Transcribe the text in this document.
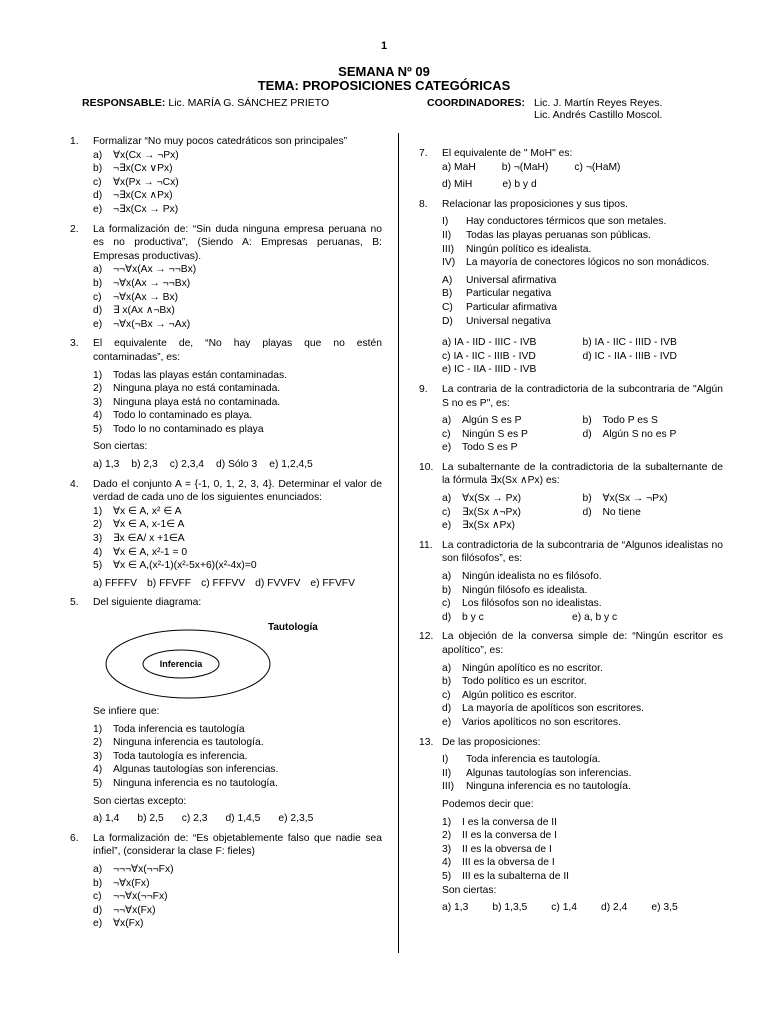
1
SEMANA Nº 09
TEMA: PROPOSICIONES CATEGÓRICAS
RESPONSABLE: Lic. MARÍA G. SÁNCHEZ PRIETO	COORDINADORES: Lic. J. Martín Reyes Reyes.
Lic. Andrés Castillo Moscol.
1.	Formalizar “No muy pocos catedráticos son principales”
a)	∀x(Cx → ¬Px)
b)	¬∃x(Cx ∨Px)
c)	∀x(Px → ¬Cx)
d)	¬∃x(Cx ∧Px)
e)	¬∃x(Cx → Px)
2.	La formalización de: “Sin duda ninguna empresa peruana no es no productiva”, (Siendo A: Empresas peruanas, B: Empresas productivas).
a)	¬¬∀x(Ax → ¬¬Bx)
b)	¬∀x(Ax → ¬¬Bx)
c)	¬∀x(Ax → Bx)
d)	∃ x(Ax ∧¬Bx)
e)	¬∀x(¬Bx → ¬Ax)
3.	El equivalente de, “No hay playas que no estén contaminadas”, es:
1)	Todas las playas están contaminadas.
2)	Ninguna playa no está contaminada.
3)	Ninguna playa está no contaminada.
4)	Todo lo contaminado es playa.
5)	Todo lo no contaminado es playa
Son ciertas:
a) 1,3 b) 2,3 c) 2,3,4 d) Sólo 3 e) 1,2,4,5
4.	Dado el conjunto A = {-1, 0, 1, 2, 3, 4}. Determinar el valor de verdad de cada uno de los siguientes enunciados:
1)	∀x ∈ A, x² ∈ A
2)	∀x ∈ A, x-1∈ A
3)	∃x ∈A/ x +1∈A
4)	∀x ∈ A, x²-1 = 0
5)	∀x ∈ A,(x²-1)(x²-5x+6)(x²-4x)=0
a) FFFFV b) FFVFF c) FFFVV d) FVVFV e) FFVFV
5.	Del siguiente diagrama:
Tautología
Inferencia
Se infiere que:
1)	Toda inferencia es tautología
2)	Ninguna inferencia es tautología.
3)	Toda tautología es inferencia.
4)	Algunas tautologías son inferencias.
5)	Ninguna inferencia es no tautología.
Son ciertas excepto:
a) 1,4 b) 2,5 c) 2,3 d) 1,4,5 e) 2,3,5
6.	La formalización de: “Es objetablemente falso que nadie sea infiel”, (considerar la clase F: fieles)
a)	¬¬¬∀x(¬¬Fx)
b)	¬∀x(Fx)
c)	¬¬∀x(¬¬Fx)
d)	¬¬∀x(Fx)
e)	∀x(Fx)
7.	El equivalente de " MoH" es:
a) MaH	b) ¬(MaH)	c) ¬(HaM)
d) MiH	e) b y d
8.	Relacionar las proposiciones y sus tipos.
I)	Hay conductores térmicos que son metales.
II)	Todas las playas peruanas son públicas.
III)	Ningún político es idealista.
IV)	La mayoría de conectores lógicos no son monádicos.
A)	Universal afirmativa
B)	Particular negativa
C)	Particular afirmativa
D)	Universal negativa
a) IA - IID - IIIC - IVB	b) IA - IIC - IIID - IVB
c) IA - IIC - IIIB - IVD	d) IC - IIA - IIIB - IVD
e) IC - IIA - IIID - IVB
9.	La contraria de la contradictoria de la subcontraria de "Algún S no es P", es:
a)	Algún S es P	b)	Todo P es S
c)	Ningún S es P	d)	Algún S no es P
e)	Todo S es P
10. La subalternante de la contradictoria de la subalternante de la fórmula ∃x(Sx ∧Px) es:
a)	∀x(Sx → Px)	b)	∀x(Sx → ¬Px)
c)	∃x(Sx ∧¬Px)	d)	No tiene
e)	∃x(Sx ∧Px)
11. La contradictoria de la subcontraria de “Algunos idealistas no son filósofos”, es:
a)	Ningún idealista no es filósofo.
b)	Ningún filósofo es idealista.
c)	Los filósofos son no idealistas.
d)	b y c	e) a, b y c
12. La objeción de la conversa simple de: “Ningún escritor es apolítico”, es:
a)	Ningún apolítico es no escritor.
b)	Todo político es un escritor.
c)	Algún político es escritor.
d)	La mayoría de apolíticos son escritores.
e)	Varios apolíticos no son escritores.
13. De las proposiciones:
I)	Toda inferencia es tautología.
II)	Algunas tautologías son inferencias.
III)	Ninguna inferencia es no tautología.
Podemos decir que:
1)	I es la conversa de II
2)	II es la conversa de I
3)	II es la obversa de I
4)	III es la obversa de I
5)	III es la subalterna de II
Son ciertas:
a) 1,3 b) 1,3,5 c) 1,4 d) 2,4 e) 3,5
